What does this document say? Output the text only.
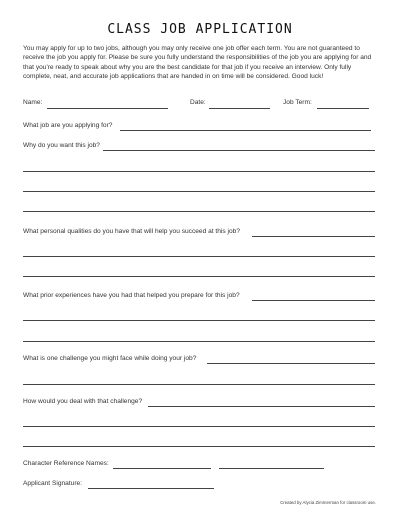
CLASS JOB APPLICATION
You may apply for up to two jobs, although you may only receive one job offer each term. You are not guaranteed to receive the job you apply for. Please be sure you fully understand the responsibilities of the job you are applying for and that you're ready to speak about why you are the best candidate for that job if you receive an interview. Only fully complete, neat, and accurate job applications that are handed in on time will be considered. Good luck!
Name:	Date:	Job Term:
What job are you applying for?
Why do you want this job?
What personal qualities do you have that will help you succeed at this job?
What prior experiences have you had that helped you prepare for this job?
What is one challenge you might face while doing your job?
How would you deal with that challenge?
Character Reference Names:
Applicant Signature:
Created by Alycia Zimmerman for classroom use.
